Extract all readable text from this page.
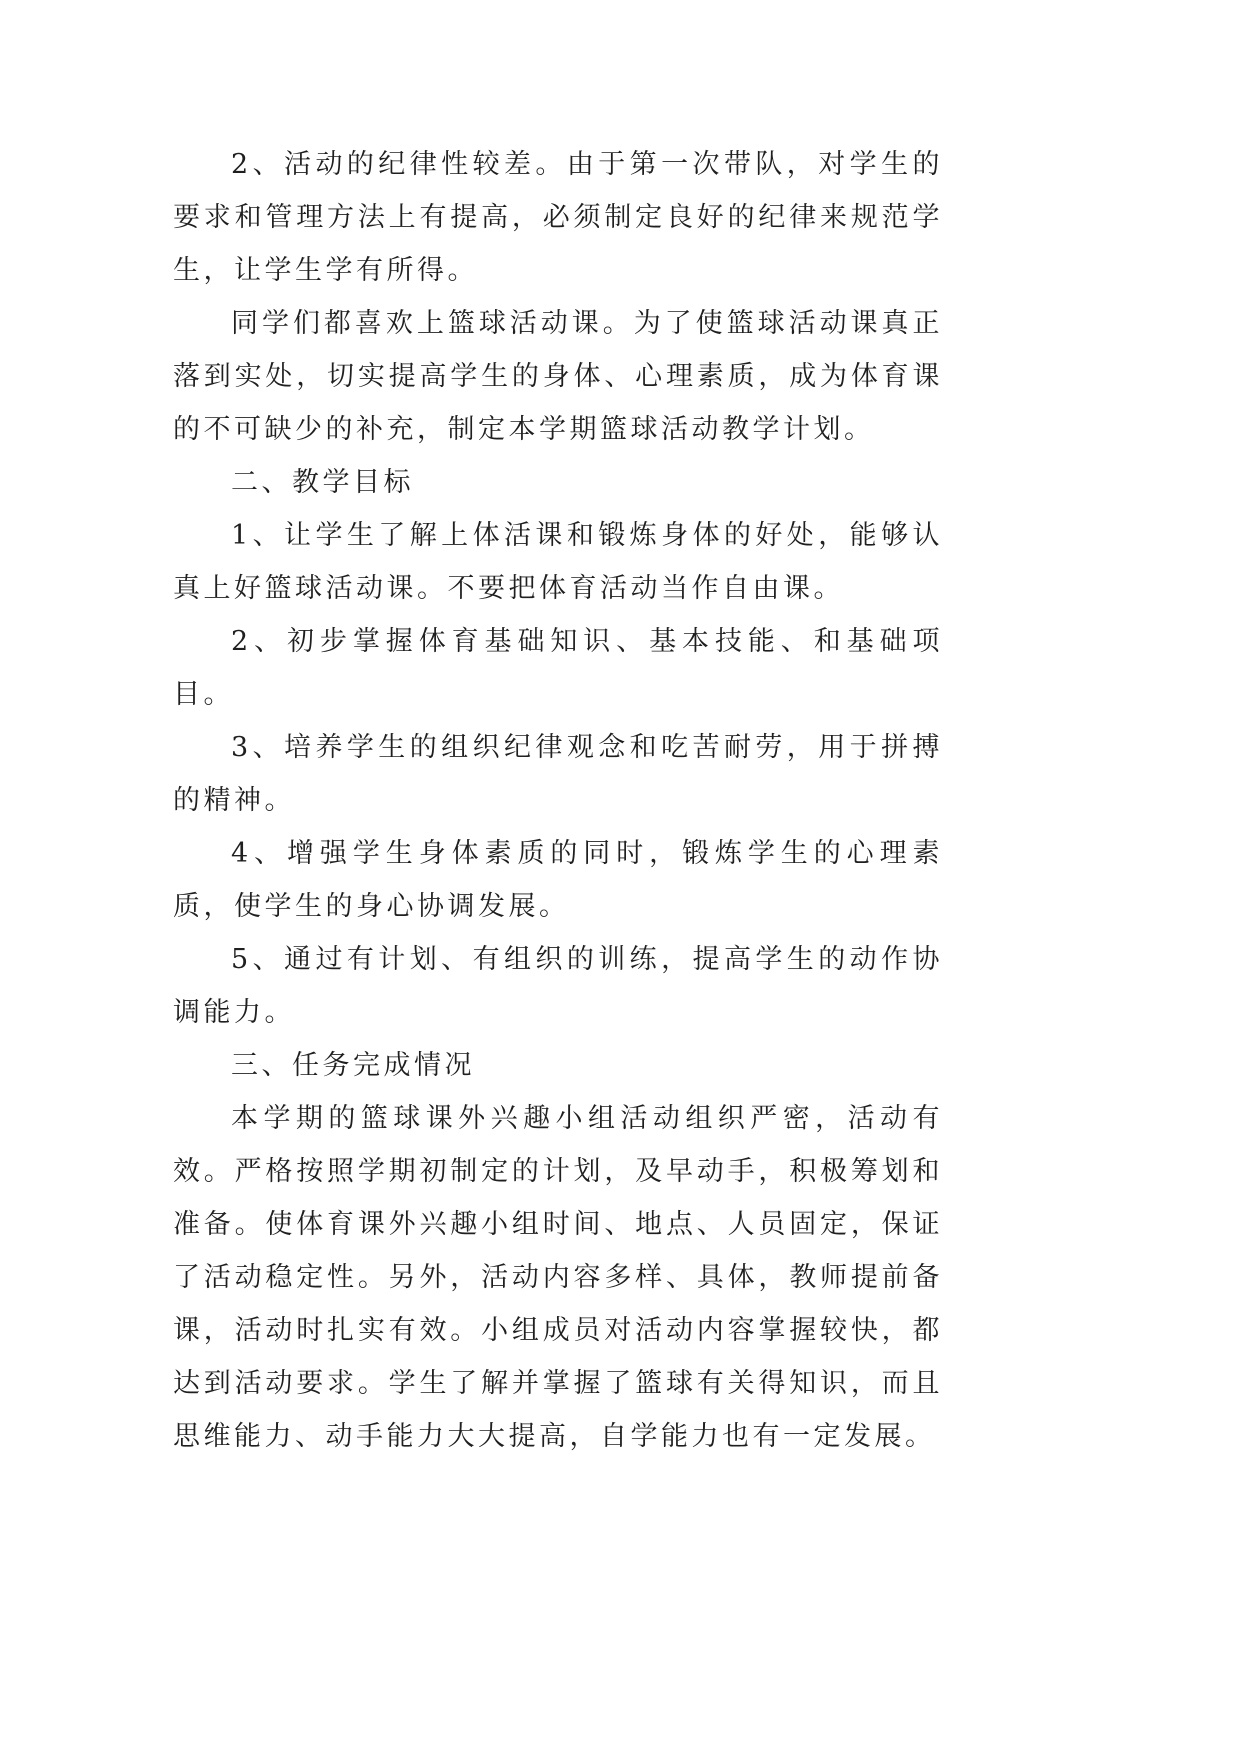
2、活动的纪律性较差。由于第一次带队，对学生的要求和管理方法上有提高，必须制定良好的纪律来规范学生，让学生学有所得。

同学们都喜欢上篮球活动课。为了使篮球活动课真正落到实处，切实提高学生的身体、心理素质，成为体育课的不可缺少的补充，制定本学期篮球活动教学计划。

二、教学目标

1、让学生了解上体活课和锻炼身体的好处，能够认真上好篮球活动课。不要把体育活动当作自由课。

2、初步掌握体育基础知识、基本技能、和基础项目。

3、培养学生的组织纪律观念和吃苦耐劳，用于拼搏的精神。

4、增强学生身体素质的同时，锻炼学生的心理素质，使学生的身心协调发展。

5、通过有计划、有组织的训练，提高学生的动作协调能力。

三、任务完成情况

本学期的篮球课外兴趣小组活动组织严密，活动有效。严格按照学期初制定的计划，及早动手，积极筹划和准备。使体育课外兴趣小组时间、地点、人员固定，保证了活动稳定性。另外，活动内容多样、具体，教师提前备课，活动时扎实有效。小组成员对活动内容掌握较快，都达到活动要求。学生了解并掌握了篮球有关得知识，而且思维能力、动手能力大大提高，自学能力也有一定发展。
